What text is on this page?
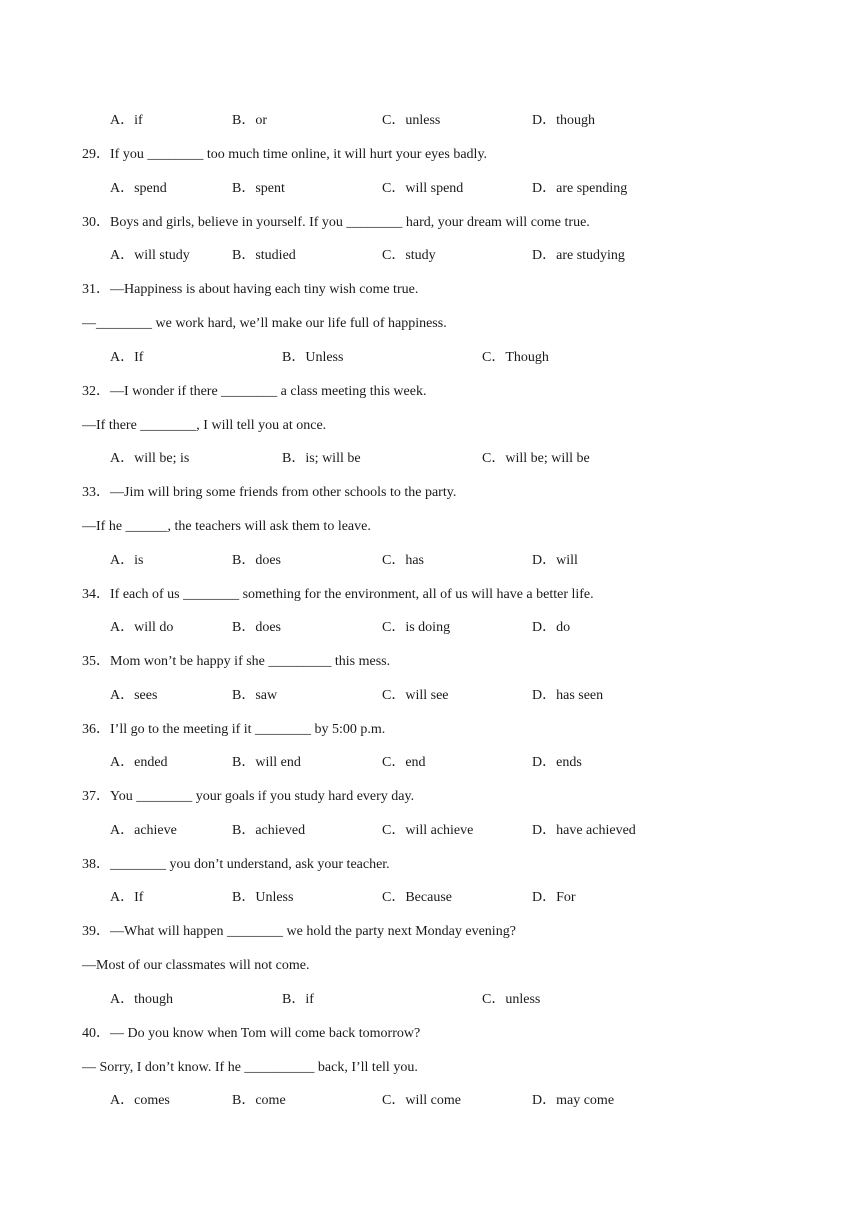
A．if	B．or	C．unless	D．though
29．If you ________ too much time online, it will hurt your eyes badly.
A．spend	B．spent	C．will spend	D．are spending
30．Boys and girls, believe in yourself. If you ________ hard, your dream will come true.
A．will study	B．studied	C．study	D．are studying
31．—Happiness is about having each tiny wish come true.
—________ we work hard, we’ll make our life full of happiness.
A．If	B．Unless	C．Though
32．—I wonder if there ________ a class meeting this week.
—If there ________, I will tell you at once.
A．will be; is	B．is; will be	C．will be; will be
33．—Jim will bring some friends from other schools to the party.
—If he ______, the teachers will ask them to leave.
A．is	B．does	C．has	D．will
34．If each of us ________ something for the environment, all of us will have a better life.
A．will do	B．does	C．is doing	D．do
35．Mom won’t be happy if she _________ this mess.
A．sees	B．saw	C．will see	D．has seen
36．I’ll go to the meeting if it ________ by 5:00 p.m.
A．ended	B．will end	C．end	D．ends
37．You ________ your goals if you study hard every day.
A．achieve	B．achieved	C．will achieve	D．have achieved
38．________ you don’t understand, ask your teacher.
A．If	B．Unless	C．Because	D．For
39．—What will happen ________ we hold the party next Monday evening?
—Most of our classmates will not come.
A．though	B．if	C．unless
40．— Do you know when Tom will come back tomorrow?
— Sorry, I don’t know. If he __________ back, I’ll tell you.
A．comes	B．come	C．will come	D．may come
